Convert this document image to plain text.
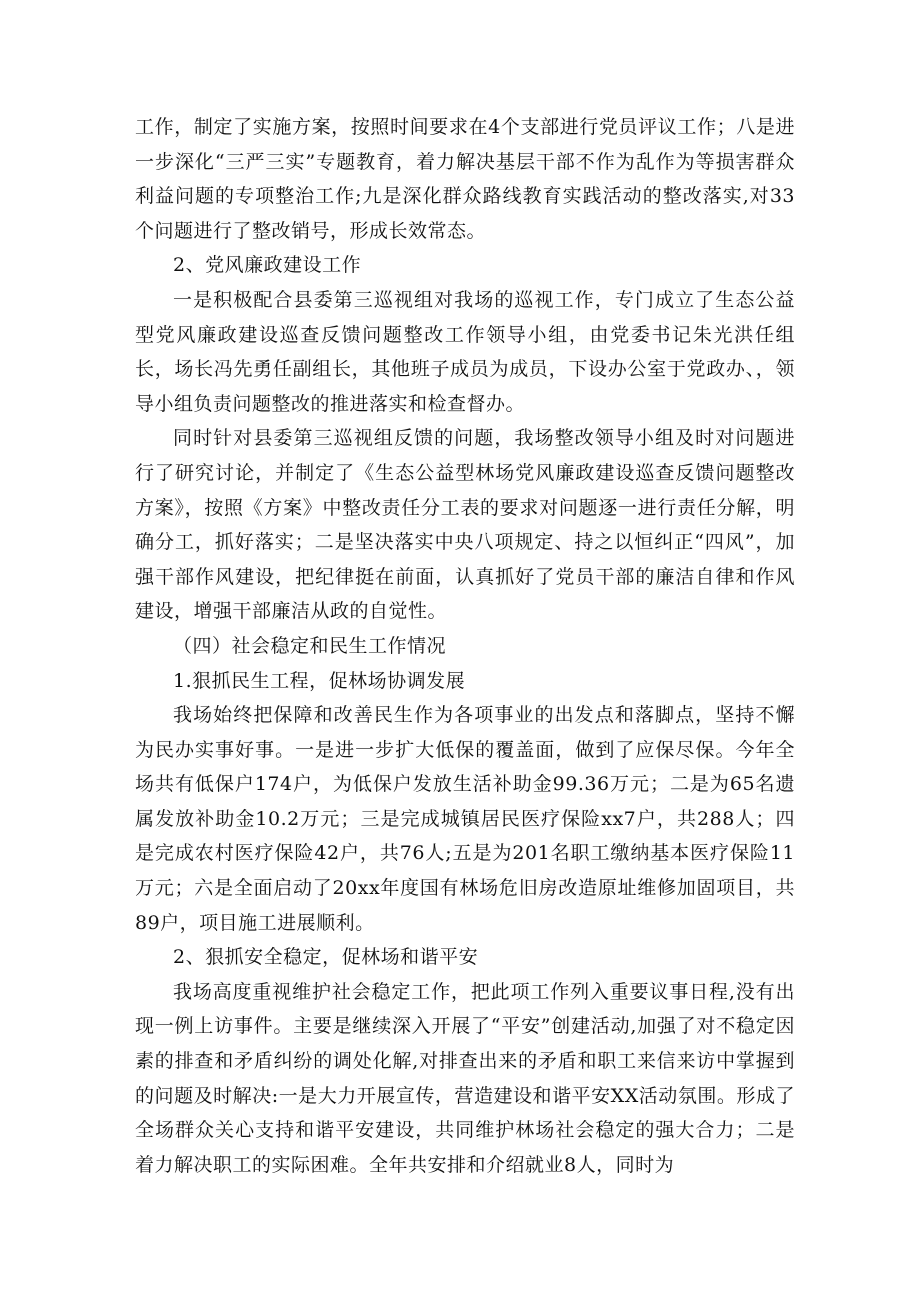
工作，制定了实施方案，按照时间要求在4个支部进行党员评议工作；八是进一步深化“三严三实”专题教育，着力解决基层干部不作为乱作为等损害群众利益问题的专项整治工作;九是深化群众路线教育实践活动的整改落实,对33个问题进行了整改销号，形成长效常态。

2、党风廉政建设工作

一是积极配合县委第三巡视组对我场的巡视工作，专门成立了生态公益型党风廉政建设巡查反馈问题整改工作领导小组，由党委书记朱光洪任组长，场长冯先勇任副组长，其他班子成员为成员，下设办公室于党政办、，领导小组负责问题整改的推进落实和检查督办。

同时针对县委第三巡视组反馈的问题，我场整改领导小组及时对问题进行了研究讨论，并制定了《生态公益型林场党风廉政建设巡查反馈问题整改方案》，按照《方案》中整改责任分工表的要求对问题逐一进行责任分解，明确分工，抓好落实；二是坚决落实中央八项规定、持之以恒纠正“四风”，加强干部作风建设，把纪律挺在前面，认真抓好了党员干部的廉洁自律和作风建设，增强干部廉洁从政的自觉性。

（四）社会稳定和民生工作情况

1.狠抓民生工程，促林场协调发展

我场始终把保障和改善民生作为各项事业的出发点和落脚点，坚持不懈为民办实事好事。一是进一步扩大低保的覆盖面，做到了应保尽保。今年全场共有低保户174户，为低保户发放生活补助金99.36万元；二是为65名遗属发放补助金10.2万元；三是完成城镇居民医疗保险xx7户，共288人；四是完成农村医疗保险42户，共76人;五是为201名职工缴纳基本医疗保险11万元；六是全面启动了20xx年度国有林场危旧房改造原址维修加固项目，共89户，项目施工进展顺利。

2、狠抓安全稳定，促林场和谐平安

我场高度重视维护社会稳定工作，把此项工作列入重要议事日程,没有出现一例上访事件。主要是继续深入开展了“平安”创建活动,加强了对不稳定因素的排查和矛盾纠纷的调处化解,对排查出来的矛盾和职工来信来访中掌握到的问题及时解决:一是大力开展宣传，营造建设和谐平安XX活动氛围。形成了全场群众关心支持和谐平安建设，共同维护林场社会稳定的强大合力；二是着力解决职工的实际困难。全年共安排和介绍就业8人，同时为
